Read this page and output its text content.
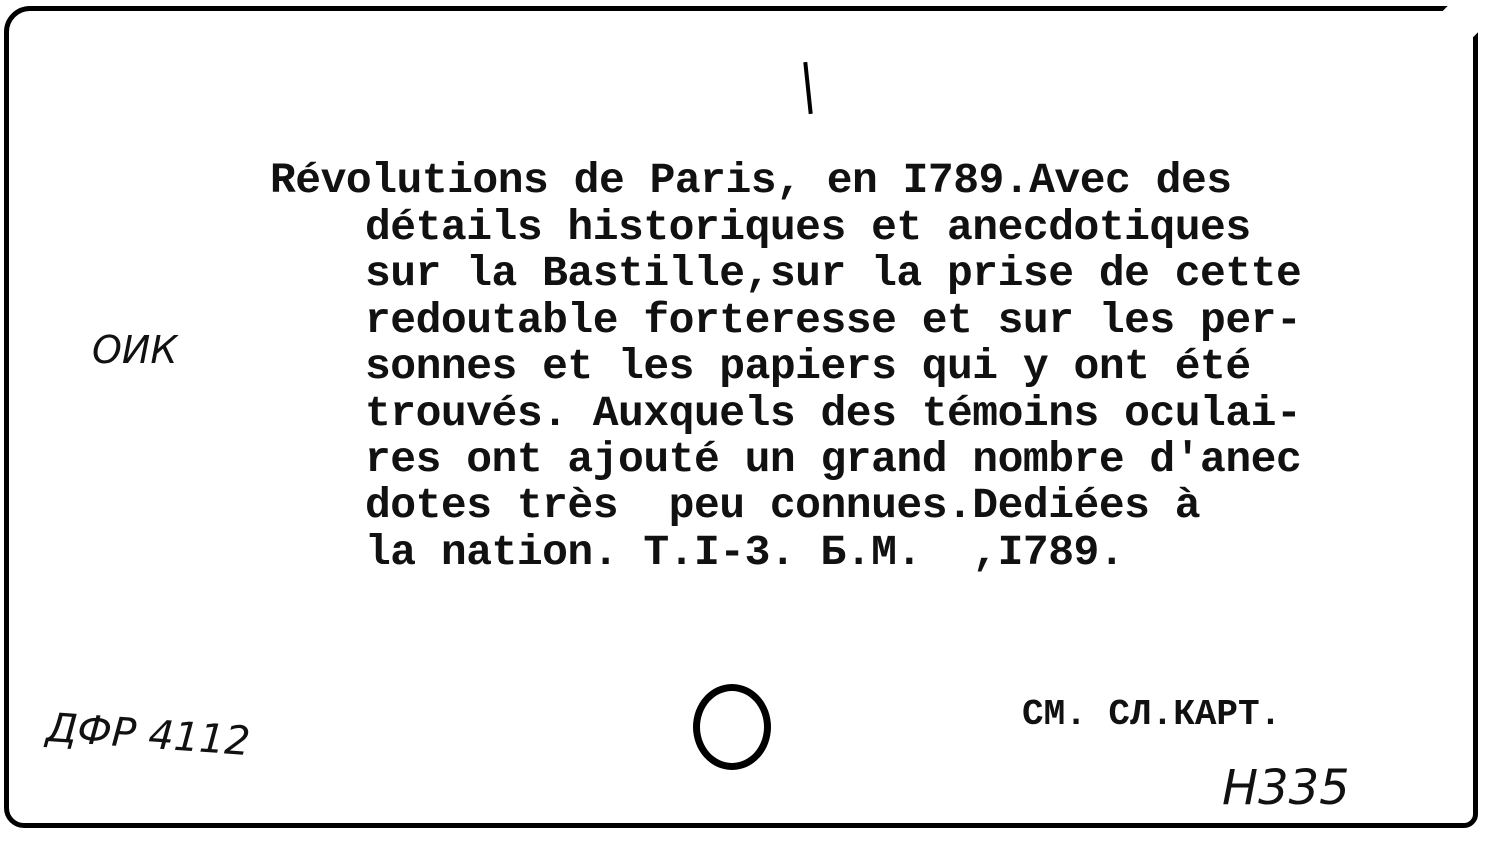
Révolutions de Paris, en I789.Avec des
détails historiques et anecdotiques
sur la Bastille,sur la prise de cette
redoutable forteresse et sur les per-
sonnes et les papiers qui y ont été
trouvés. Auxquels des témoins oculai-
res ont ajouté un grand nombre d'anec
dotes très  peu connues.Dediées à
la nation. T.I-3. Б.М.  ,I789.
ОИК
ДФР 4112	СМ. СЛ.КАРТ.
H335
